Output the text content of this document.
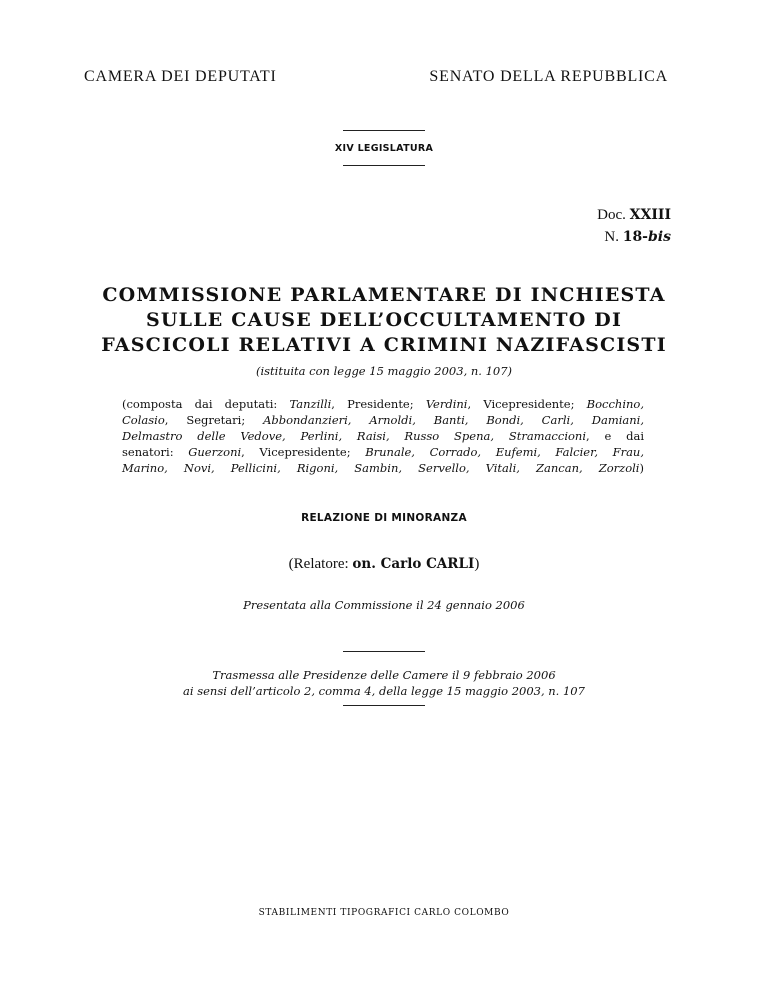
CAMERA DEI DEPUTATI	SENATO DELLA REPUBBLICA
XIV LEGISLATURA
Doc. XXIII
N. 18-bis
COMMISSIONE PARLAMENTARE DI INCHIESTA
SULLE CAUSE DELL’OCCULTAMENTO DI
FASCICOLI RELATIVI A CRIMINI NAZIFASCISTI
(istituita con legge 15 maggio 2003, n. 107)

(composta dai deputati: Tanzilli, Presidente; Verdini, Vicepresidente; Bocchino,

Colasio, Segretari; Abbondanzieri, Arnoldi, Banti, Bondi, Carli, Damiani,

Delmastro delle Vedove, Perlini, Raisi, Russo Spena, Stramaccioni, e dai

senatori: Guerzoni, Vicepresidente; Brunale, Corrado, Eufemi, Falcier, Frau,

Marino, Novi, Pellicini, Rigoni, Sambin, Servello, Vitali, Zancan, Zorzoli)

RELAZIONE DI MINORANZA
(Relatore: on. Carlo CARLI)
Presentata alla Commissione il 24 gennaio 2006
Trasmessa alle Presidenze delle Camere il 9 febbraio 2006
ai sensi dell’articolo 2, comma 4, della legge 15 maggio 2003, n. 107
STABILIMENTI TIPOGRAFICI CARLO COLOMBO
